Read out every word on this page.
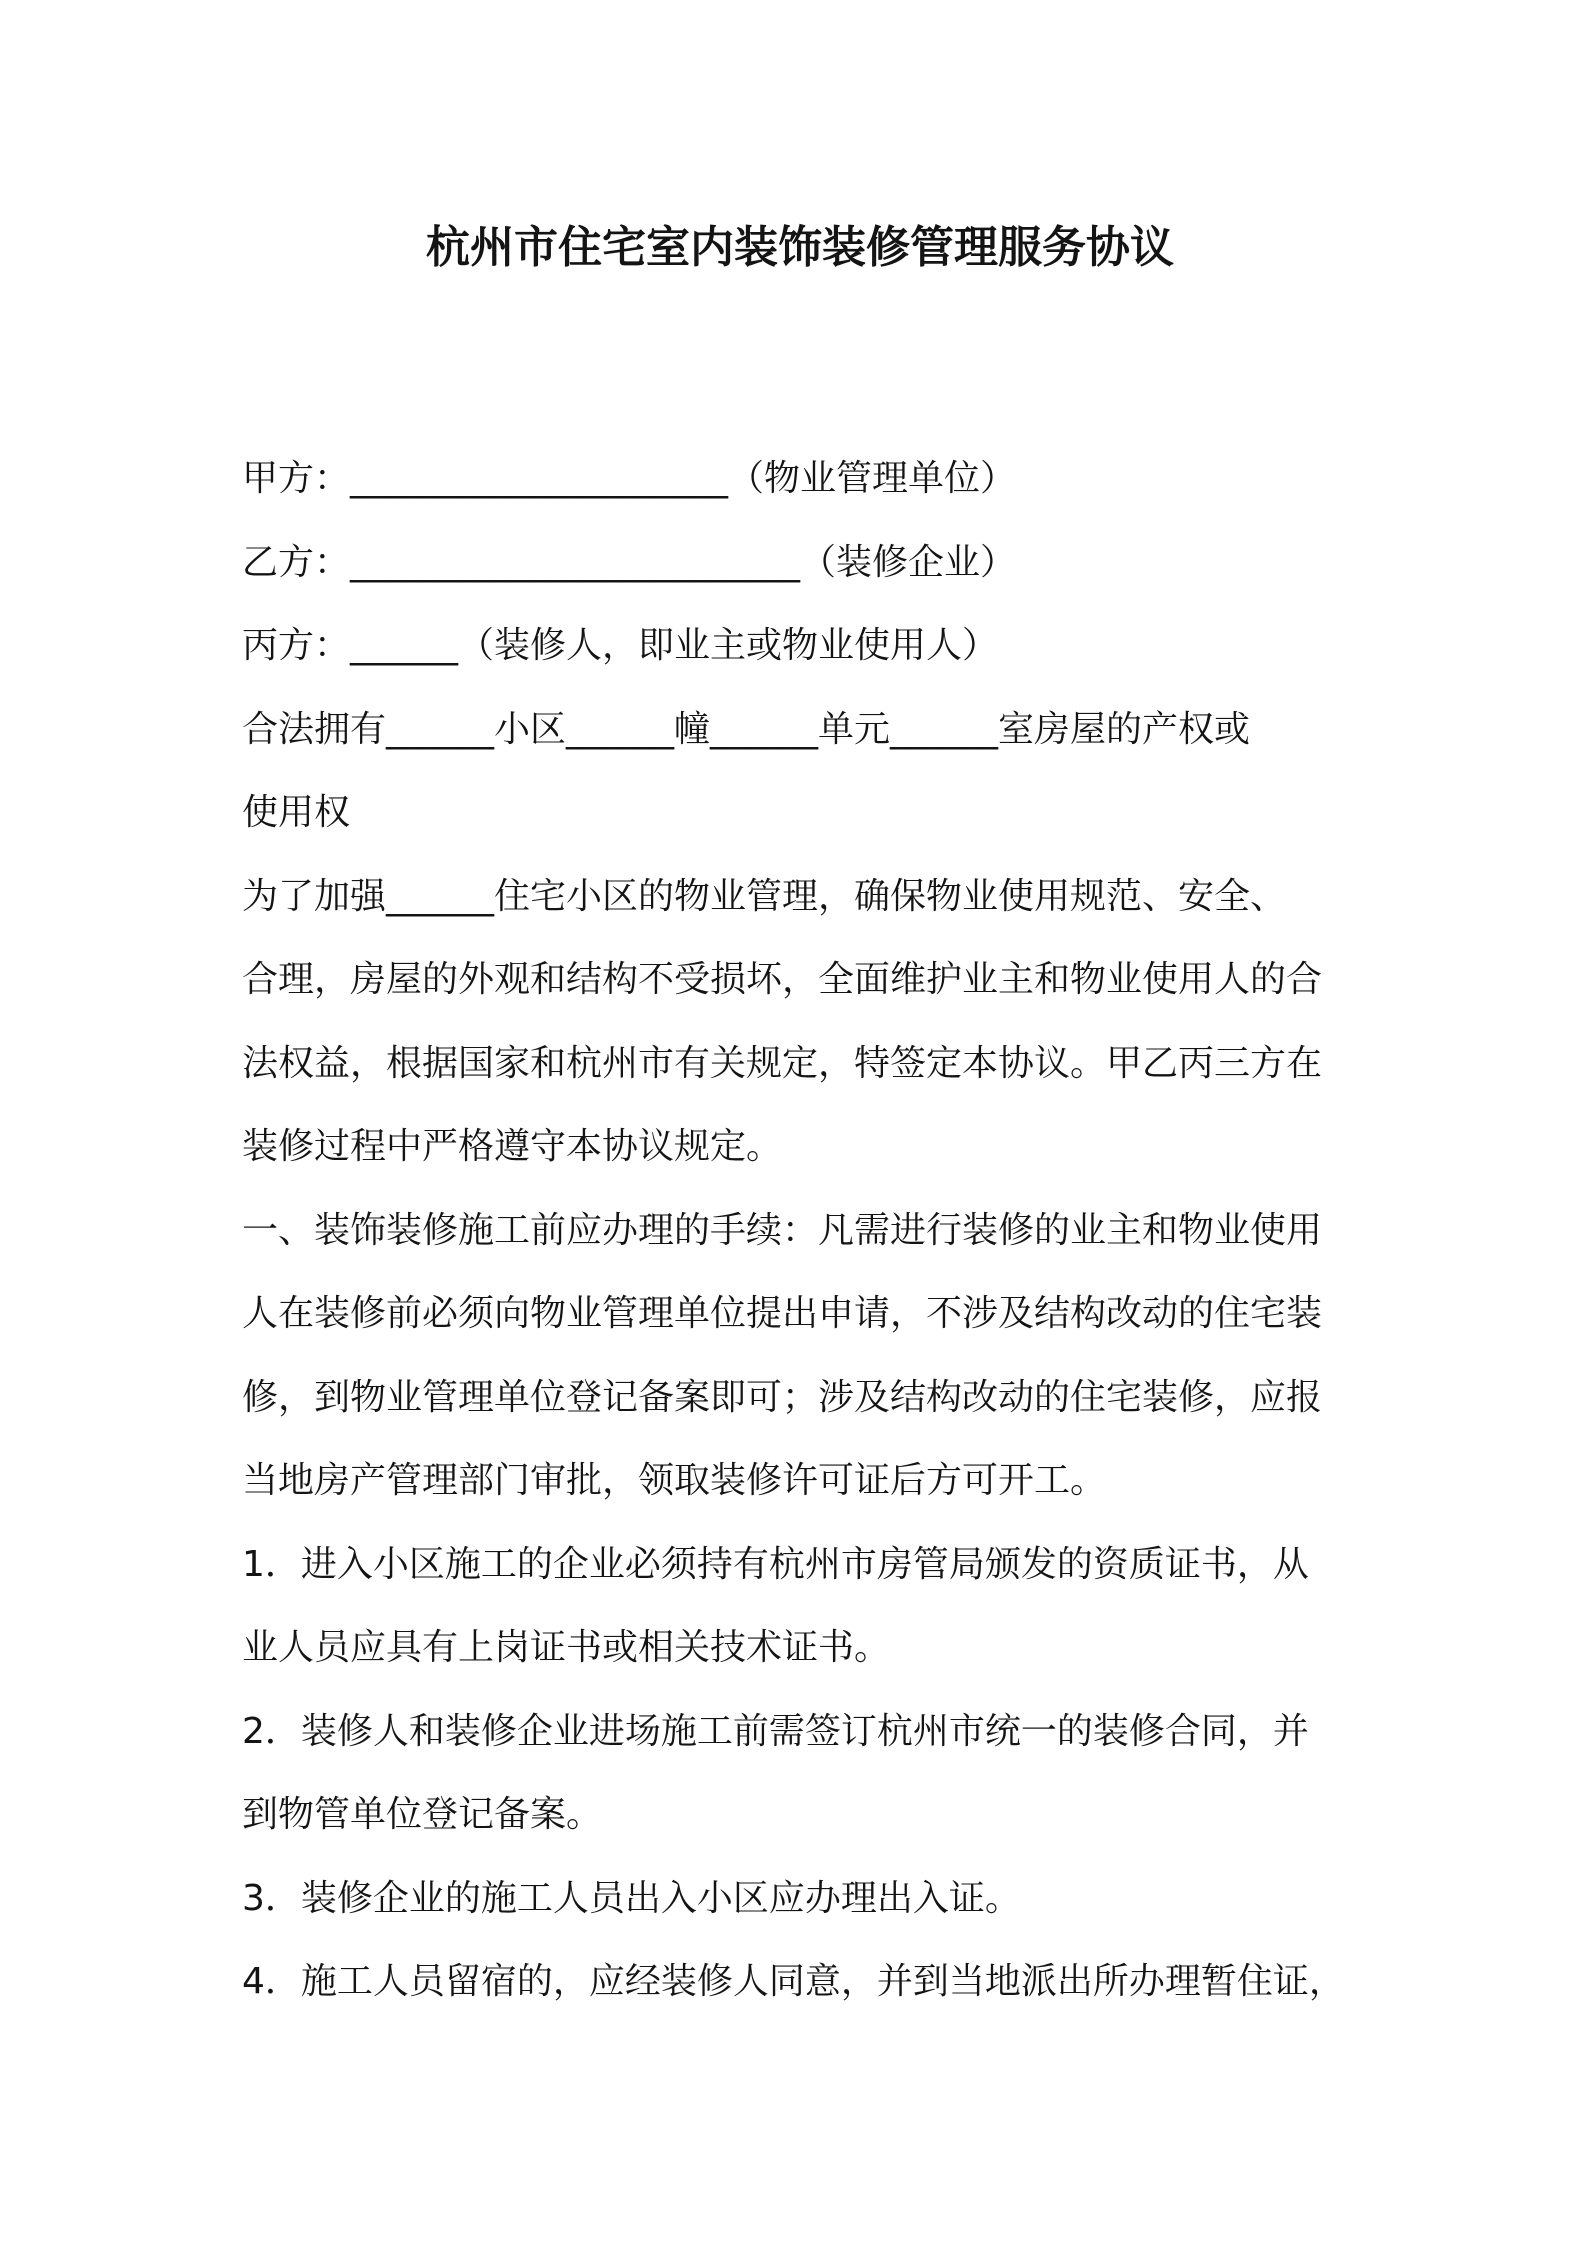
杭州市住宅室内装饰装修管理服务协议
甲方：_____________________（物业管理单位）
乙方：_________________________（装修企业）
丙方：______（装修人，即业主或物业使用人）
合法拥有______小区______幢______单元______室房屋的产权或
使用权
为了加强______住宅小区的物业管理，确保物业使用规范、安全、
合理，房屋的外观和结构不受损坏，全面维护业主和物业使用人的合
法权益，根据国家和杭州市有关规定，特签定本协议。甲乙丙三方在
装修过程中严格遵守本协议规定。
一、装饰装修施工前应办理的手续：凡需进行装修的业主和物业使用
人在装修前必须向物业管理单位提出申请，不涉及结构改动的住宅装
修，到物业管理单位登记备案即可；涉及结构改动的住宅装修，应报
当地房产管理部门审批，领取装修许可证后方可开工。
1．进入小区施工的企业必须持有杭州市房管局颁发的资质证书，从
业人员应具有上岗证书或相关技术证书。
2．装修人和装修企业进场施工前需签订杭州市统一的装修合同，并
到物管单位登记备案。
3．装修企业的施工人员出入小区应办理出入证。
4．施工人员留宿的，应经装修人同意，并到当地派出所办理暂住证，
